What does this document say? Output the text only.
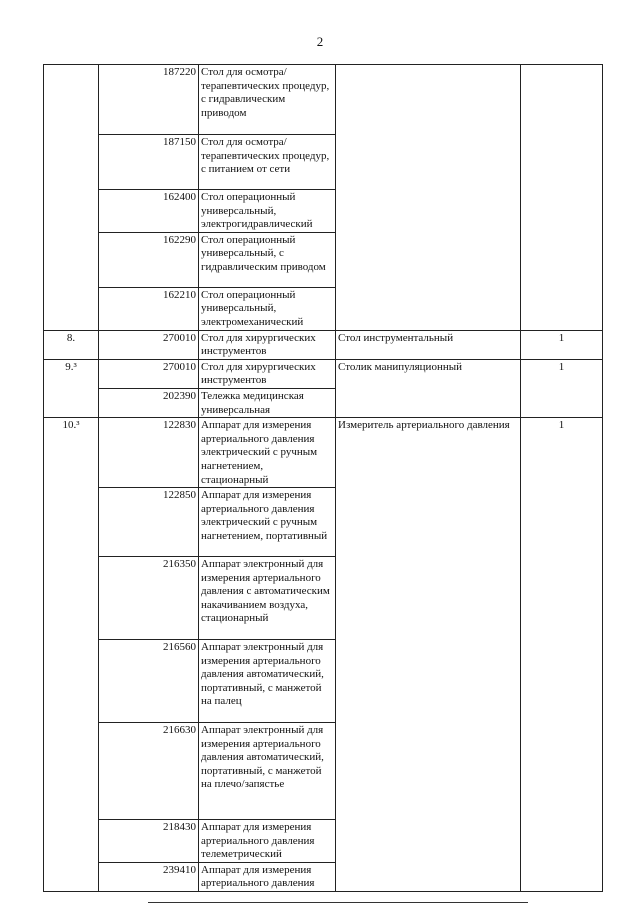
2
	187220	Стол для осмотра/терапевтических процедур, с гидравлическим приводом		
	187150	Стол для осмотра/терапевтических процедур, с питанием от сети		
	162400	Стол операционный универсальный, электрогидравлический		
	162290	Стол операционный универсальный, с гидравлическим приводом		
	162210	Стол операционный универсальный, электромеханический		
8.	270010	Стол для хирургических инструментов	Стол инструментальный	1
9.³	270010	Стол для хирургических инструментов	Столик манипуляционный	1
	202390	Тележка медицинская универсальная		
10.³	122830	Аппарат для измерения артериального давления электрический с ручным нагнетением, стационарный	Измеритель артериального давления	1
	122850	Аппарат для измерения артериального давления электрический с ручным нагнетением, портативный		
	216350	Аппарат электронный для измерения артериального давления с автоматическим накачиванием воздуха, стационарный		
	216560	Аппарат электронный для измерения артериального давления автоматический, портативный, с манжетой на палец		
	216630	Аппарат электронный для измерения артериального давления автоматический, портативный, с манжетой на плечо/запястье		
	218430	Аппарат для измерения артериального давления телеметрический		
	239410	Аппарат для измерения артериального давления		
